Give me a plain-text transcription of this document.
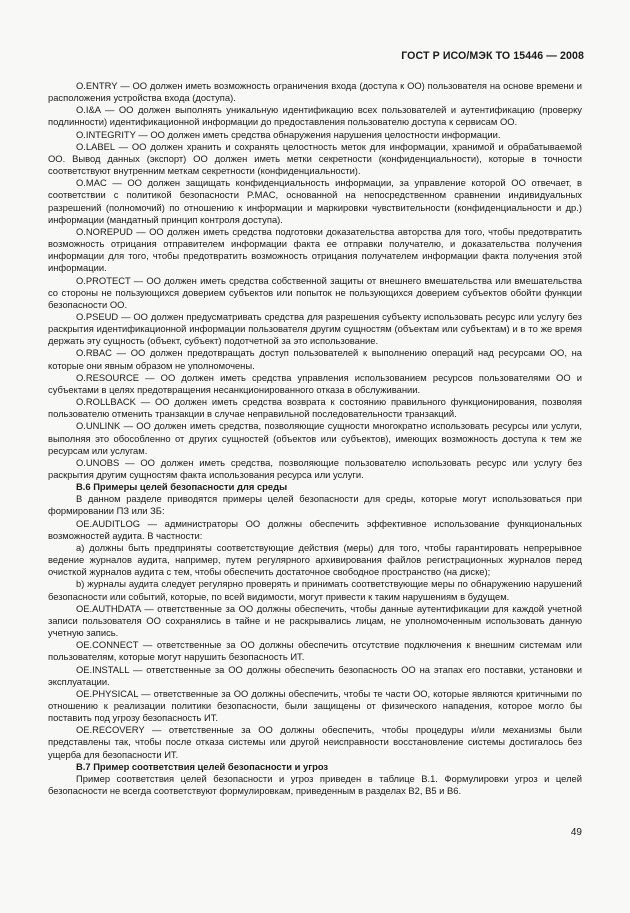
ГОСТ Р ИСО/МЭК ТО 15446 — 2008

O.ENTRY — ОО должен иметь возможность ограничения входа (доступа к ОО) пользователя на основе времени и расположения устройства входа (доступа).

O.I&A — ОО должен выполнять уникальную идентификацию всех пользователей и аутентификацию (проверку подлинности) идентификационной информации до предоставления пользователю доступа к сервисам ОО.

O.INTEGRITY — ОО должен иметь средства обнаружения нарушения целостности информации.

O.LABEL — ОО должен хранить и сохранять целостность меток для информации, хранимой и обрабатываемой ОО. Вывод данных (экспорт) ОО должен иметь метки секретности (конфиденциальности), которые в точности соответствуют внутренним меткам секретности (конфиденциальности).

O.MAC — ОО должен защищать конфиденциальность информации, за управление которой ОО отвечает, в соответствии с политикой безопасности P.MAC, основанной на непосредственном сравнении индивидуальных разрешений (полномочий) по отношению к информации и маркировки чувствительности (конфиденциальности и др.) информации (мандатный принцип контроля доступа).

O.NOREPUD — ОО должен иметь средства подготовки доказательства авторства для того, чтобы предотвратить возможность отрицания отправителем информации факта ее отправки получателю, и доказательства получения информации для того, чтобы предотвратить возможность отрицания получателем информации факта получения этой информации.

O.PROTECT — ОО должен иметь средства собственной защиты от внешнего вмешательства или вмешательства со стороны не пользующихся доверием субъектов или попыток не пользующихся доверием субъектов обойти функции безопасности ОО.

O.PSEUD — ОО должен предусматривать средства для разрешения субъекту использовать ресурс или услугу без раскрытия идентификационной информации пользователя другим сущностям (объектам или субъектам) и в то же время держать эту сущность (объект, субъект) подотчетной за это использование.

O.RBAC — ОО должен предотвращать доступ пользователей к выполнению операций над ресурсами ОО, на которые они явным образом не уполномочены.

O.RESOURCE — ОО должен иметь средства управления использованием ресурсов пользователями ОО и субъектами в целях предотвращения несанкционированного отказа в обслуживании.

O.ROLLBACK — ОО должен иметь средства возврата к состоянию правильного функционирования, позволяя пользователю отменить транзакции в случае неправильной последовательности транзакций.

O.UNLINK — ОО должен иметь средства, позволяющие сущности многократно использовать ресурсы или услуги, выполняя это обособленно от других сущностей (объектов или субъектов), имеющих возможность доступа к тем же ресурсам или услугам.

O.UNOBS — ОО должен иметь средства, позволяющие пользователю использовать ресурс или услугу без раскрытия другим сущностям факта использования ресурса или услуги.

В.6 Примеры целей безопасности для среды

В данном разделе приводятся примеры целей безопасности для среды, которые могут использоваться при формировании ПЗ или ЗБ:

OE.AUDITLOG — администраторы ОО должны обеспечить эффективное использование функциональных возможностей аудита. В частности:

а) должны быть предприняты соответствующие действия (меры) для того, чтобы гарантировать непрерывное ведение журналов аудита, например, путем регулярного архивирования файлов регистрационных журналов перед очисткой журналов аудита с тем, чтобы обеспечить достаточное свободное пространство (на диске);

b) журналы аудита следует регулярно проверять и принимать соответствующие меры по обнаружению нарушений безопасности или событий, которые, по всей видимости, могут привести к таким нарушениям в будущем.

OE.AUTHDATA — ответственные за ОО должны обеспечить, чтобы данные аутентификации для каждой учетной записи пользователя ОО сохранялись в тайне и не раскрывались лицам, не уполномоченным использовать данную учетную запись.

OE.CONNECT — ответственные за ОО должны обеспечить отсутствие подключения к внешним системам или пользователям, которые могут нарушить безопасность ИТ.

OE.INSTALL — ответственные за ОО должны обеспечить безопасность ОО на этапах его поставки, установки и эксплуатации.

OE.PHYSICAL — ответственные за ОО должны обеспечить, чтобы те части ОО, которые являются критичными по отношению к реализации политики безопасности, были защищены от физического нападения, которое могло бы поставить под угрозу безопасность ИТ.

OE.RECOVERY — ответственные за ОО должны обеспечить, чтобы процедуры и/или механизмы были представлены так, чтобы после отказа системы или другой неисправности восстановление системы достигалось без ущерба для безопасности ИТ.

В.7 Пример соответствия целей безопасности и угроз

Пример соответствия целей безопасности и угроз приведен в таблице В.1. Формулировки угроз и целей безопасности не всегда соответствуют формулировкам, приведенным в разделах В2, В5 и В6.

49
